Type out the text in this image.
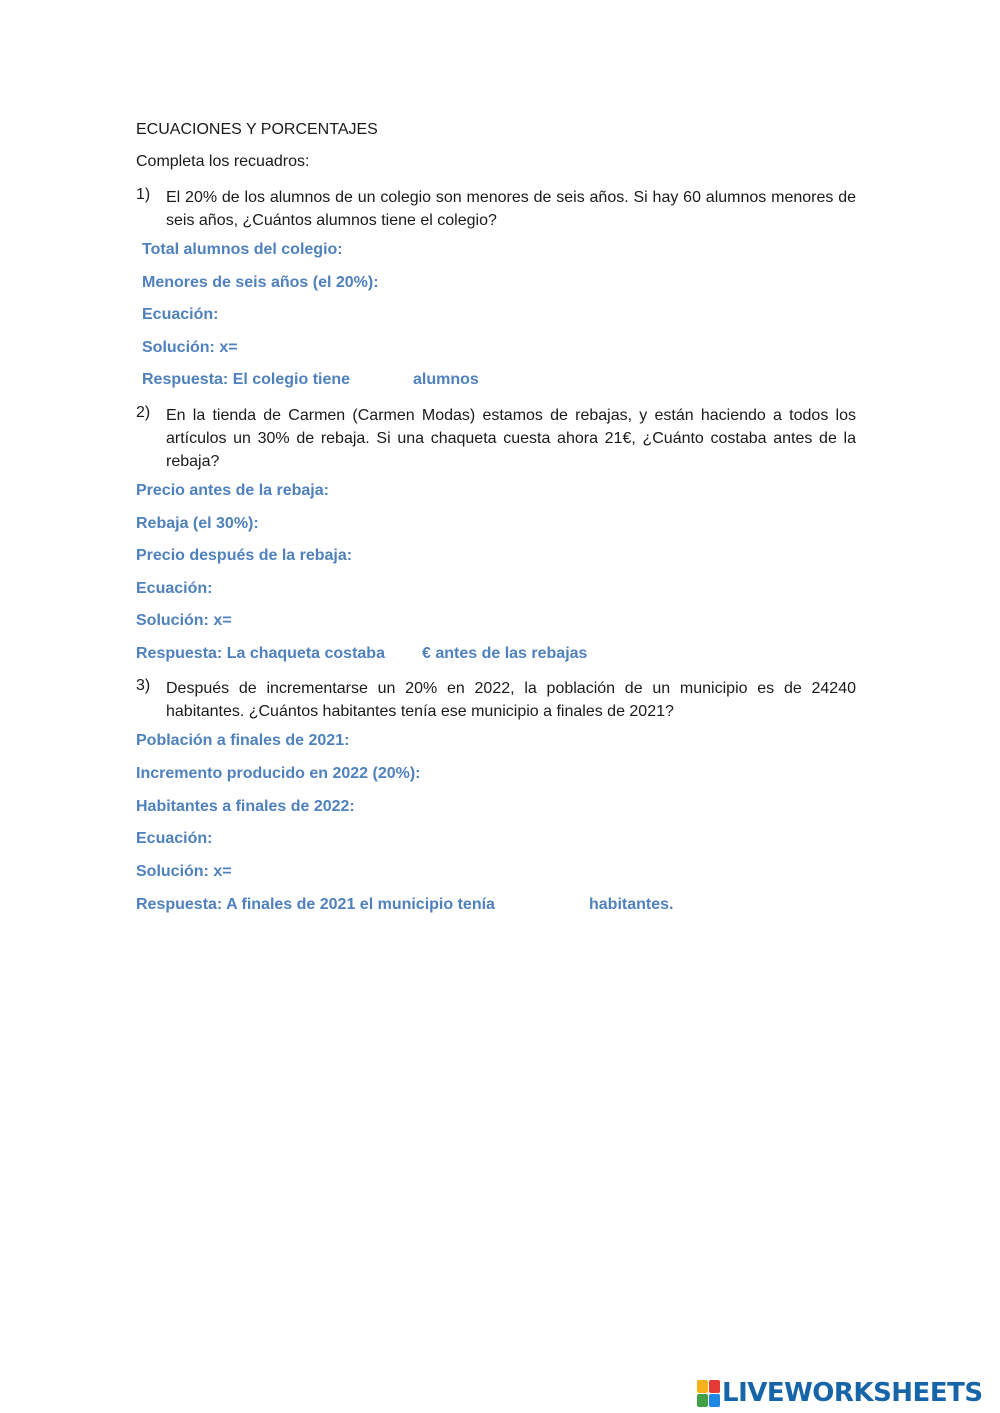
ECUACIONES Y PORCENTAJES
Completa los recuadros:
1) El 20% de los alumnos de un colegio son menores de seis años. Si hay 60 alumnos menores de seis años, ¿Cuántos alumnos tiene el colegio?
Total alumnos del colegio:
Menores de seis años (el 20%):
Ecuación:
Solución: x=
Respuesta: El colegio tiene	alumnos
2) En la tienda de Carmen (Carmen Modas) estamos de rebajas, y están haciendo a todos los artículos un 30% de rebaja. Si una chaqueta cuesta ahora 21€, ¿Cuánto costaba antes de la rebaja?
Precio antes de la rebaja:
Rebaja (el 30%):
Precio después de la rebaja:
Ecuación:
Solución: x=
Respuesta: La chaqueta costaba € antes de las rebajas
3) Después de incrementarse un 20% en 2022, la población de un municipio es de 24240 habitantes. ¿Cuántos habitantes tenía ese municipio a finales de 2021?
Población a finales de 2021:
Incremento producido en 2022 (20%):
Habitantes a finales de 2022:
Ecuación:
Solución: x=
Respuesta: A finales de 2021 el municipio tenía	habitantes.
LIVEWORKSHEETS
